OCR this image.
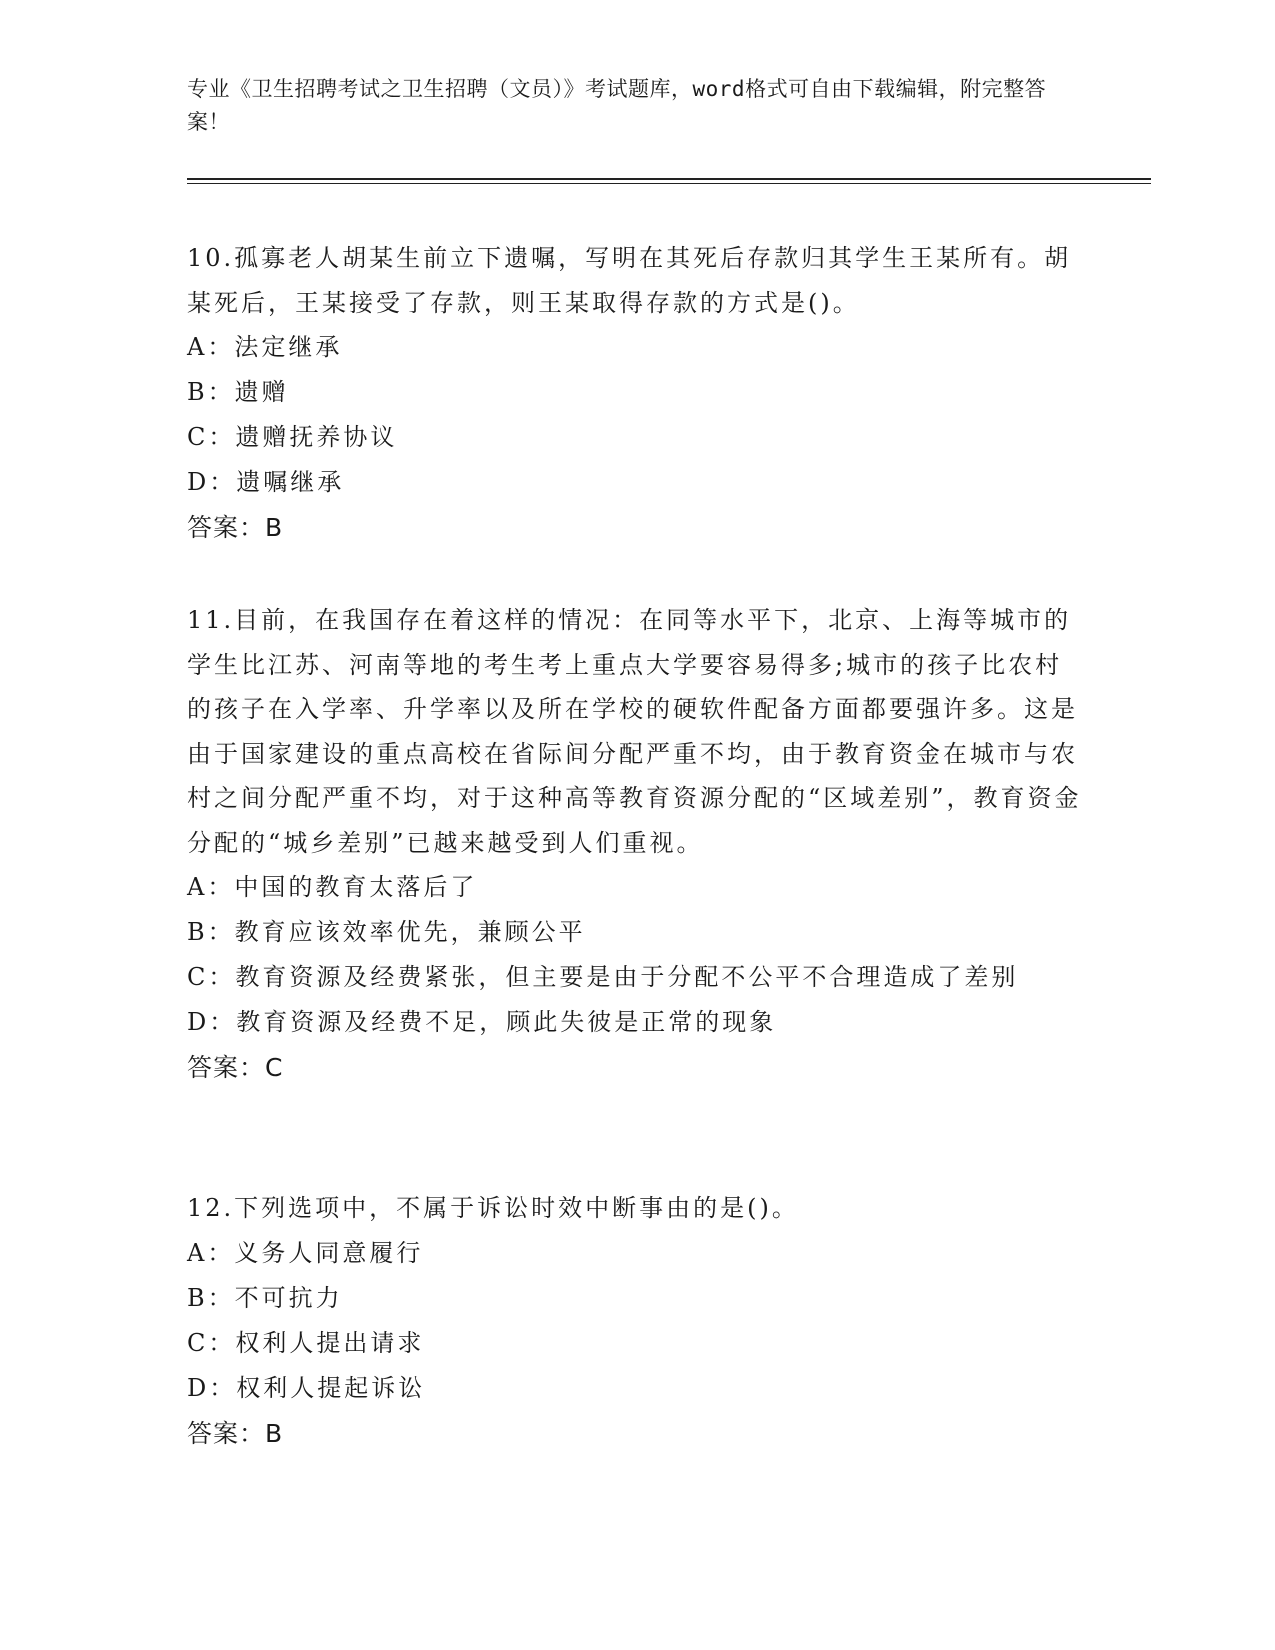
专业《卫生招聘考试之卫生招聘（文员）》考试题库，word格式可自由下载编辑，附完整答案！

10.孤寡老人胡某生前立下遗嘱，写明在其死后存款归其学生王某所有。胡某死后，王某接受了存款，则王某取得存款的方式是()。

A：法定继承

B：遗赠

C：遗赠抚养协议

D：遗嘱继承

答案：B

11.目前，在我国存在着这样的情况：在同等水平下，北京、上海等城市的学生比江苏、河南等地的考生考上重点大学要容易得多;城市的孩子比农村的孩子在入学率、升学率以及所在学校的硬软件配备方面都要强许多。这是由于国家建设的重点高校在省际间分配严重不均，由于教育资金在城市与农村之间分配严重不均，对于这种高等教育资源分配的“区域差别”，教育资金分配的“城乡差别”已越来越受到人们重视。

A：中国的教育太落后了

B：教育应该效率优先，兼顾公平

C：教育资源及经费紧张，但主要是由于分配不公平不合理造成了差别

D：教育资源及经费不足，顾此失彼是正常的现象

答案：C

12.下列选项中，不属于诉讼时效中断事由的是()。

A：义务人同意履行

B：不可抗力

C：权利人提出请求

D：权利人提起诉讼

答案：B
